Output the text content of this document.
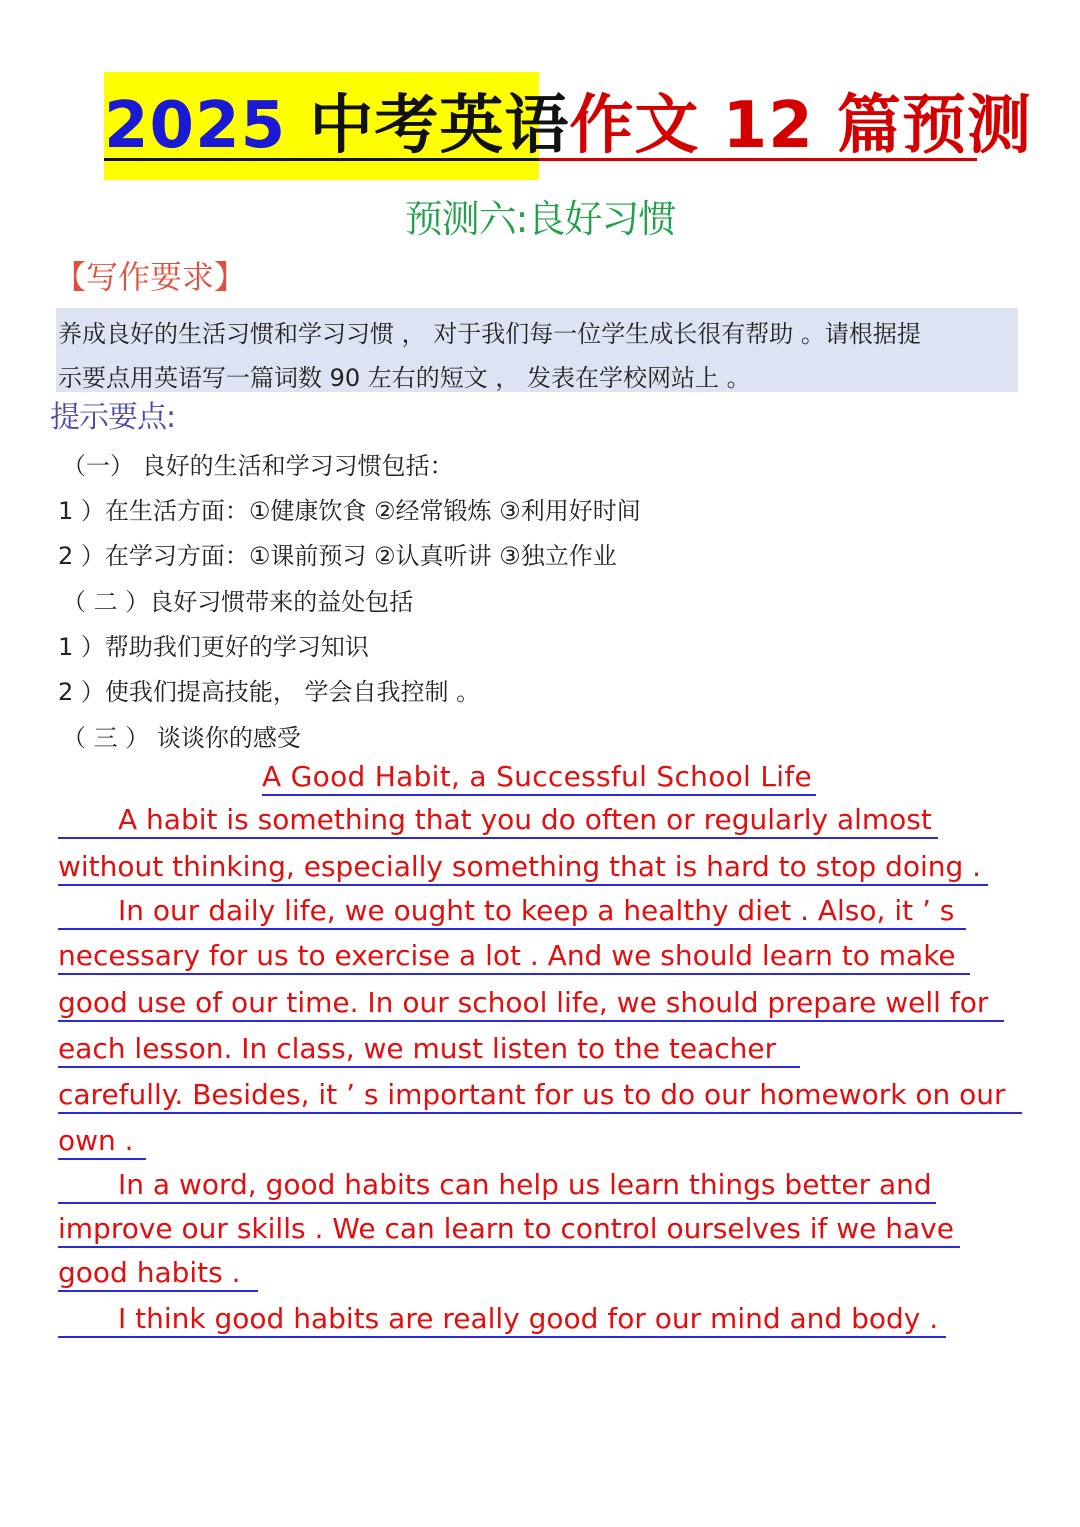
2025 中考英语作文 12 篇预测
预测六:良好习惯
【写作要求】
养成良好的生活习惯和学习习惯 ， 对于我们每一位学生成长很有帮助 。请根据提
示要点用英语写一篇词数 90 左右的短文 ， 发表在学校网站上 。
提示要点:
（一） 良好的生活和学习习惯包括：
1 ）在生活方面：①健康饮食 ②经常锻炼 ③利用好时间
2 ）在学习方面：①课前预习 ②认真听讲 ③独立作业
（ 二 ）良好习惯带来的益处包括
1 ）帮助我们更好的学习知识
2 ）使我们提高技能， 学会自我控制 。
（ 三 ） 谈谈你的感受
A Good Habit, a Successful School Life
A habit is something that you do often or regularly almost
without thinking, especially something that is hard to stop doing .
In our daily life, we ought to keep a healthy diet . Also, it ’ s
necessary for us to exercise a lot . And we should learn to make
good use of our time. In our school life, we should prepare well for
each lesson. In class, we must listen to the teacher
carefully. Besides, it ’ s important for us to do our homework on our
own .
In a word, good habits can help us learn things better and
improve our skills . We can learn to control ourselves if we have
good habits .
I think good habits are really good for our mind and body .
